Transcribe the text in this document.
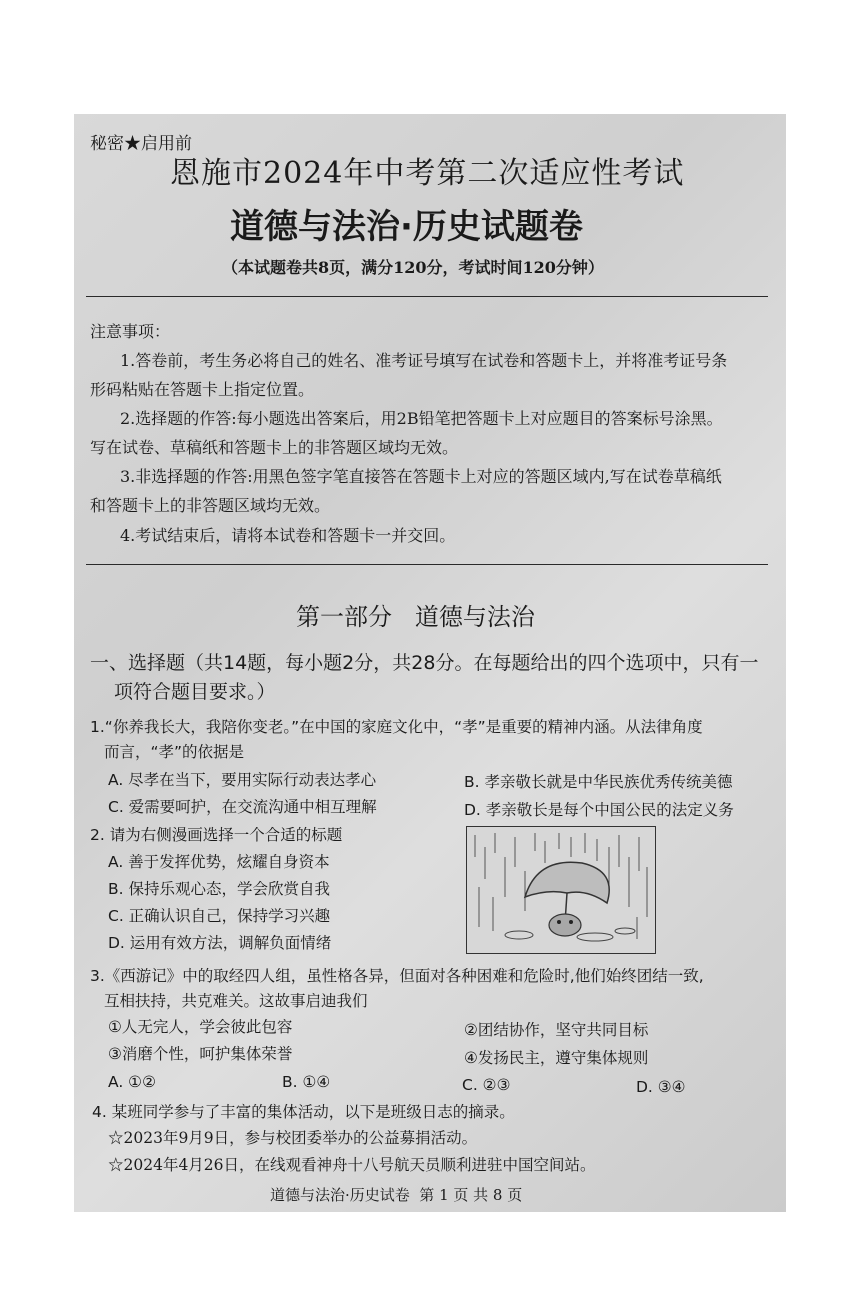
秘密★启用前
恩施市2024年中考第二次适应性考试
道德与法治·历史试题卷
（本试题卷共8页，满分120分，考试时间120分钟）
注意事项：
1.答卷前，考生务必将自己的姓名、准考证号填写在试卷和答题卡上，并将准考证号条
形码粘贴在答题卡上指定位置。
2.选择题的作答:每小题选出答案后，用2B铅笔把答题卡上对应题目的答案标号涂黑。
写在试卷、草稿纸和答题卡上的非答题区域均无效。
3.非选择题的作答:用黑色签字笔直接答在答题卡上对应的答题区域内,写在试卷草稿纸
和答题卡上的非答题区域均无效。
4.考试结束后，请将本试卷和答题卡一并交回。
第一部分   道德与法治
一、选择题（共14题，每小题2分，共28分。在每题给出的四个选项中，只有一
项符合题目要求。）
1.“你养我长大，我陪你变老。”在中国的家庭文化中，“孝”是重要的精神内涵。从法律角度
而言，“孝”的依据是
A. 尽孝在当下，要用实际行动表达孝心	B. 孝亲敬长就是中华民族优秀传统美德
C. 爱需要呵护，在交流沟通中相互理解	D. 孝亲敬长是每个中国公民的法定义务
2. 请为右侧漫画选择一个合适的标题
A. 善于发挥优势，炫耀自身资本
B. 保持乐观心态，学会欣赏自我
C. 正确认识自己，保持学习兴趣
D. 运用有效方法，调解负面情绪
3.《西游记》中的取经四人组，虽性格各异，但面对各种困难和危险时,他们始终团结一致,
互相扶持，共克难关。这故事启迪我们
①人无完人，学会彼此包容	②团结协作，坚守共同目标
③消磨个性，呵护集体荣誉	④发扬民主，遵守集体规则
A. ①②	B. ①④	C. ②③	D. ③④
4. 某班同学参与了丰富的集体活动，以下是班级日志的摘录。
☆2023年9月9日，参与校团委举办的公益募捐活动。
☆2024年4月26日，在线观看神舟十八号航天员顺利进驻中国空间站。
道德与法治·历史试卷  第 1 页 共 8 页
